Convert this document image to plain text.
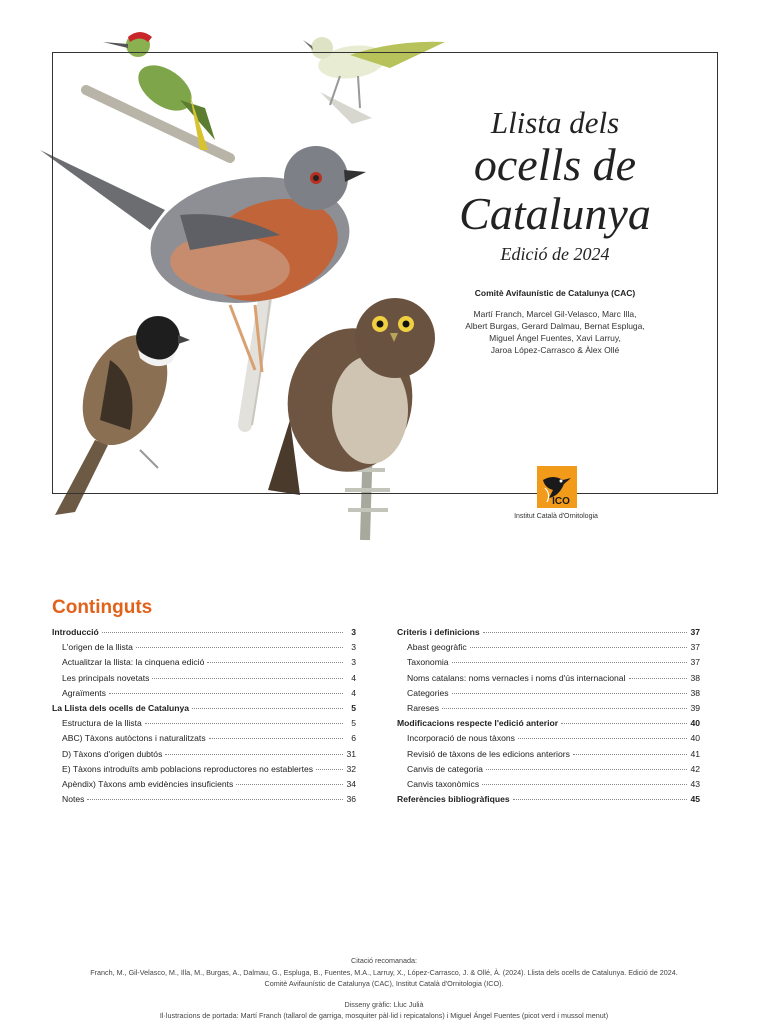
Llista dels
ocells de
Catalunya
Edició de 2024
Comitè Avifaunístic de Catalunya (CAC)
Martí Franch, Marcel Gil-Velasco, Marc Illa,
Albert Burgas, Gerard Dalmau, Bernat Espluga,
Miguel Ángel Fuentes, Xavi Larruy,
Jaroa López-Carrasco & Àlex Ollé
ICO
Institut Català d'Ornitologia
Continguts
Introducció	3
L'origen de la llista	3
Actualitzar la llista: la cinquena edició	3
Les principals novetats	4
Agraïments	4
La Llista dels ocells de Catalunya	5
Estructura de la llista	5
ABC) Tàxons autòctons i naturalitzats	6
D) Tàxons d'origen dubtós	31
E) Tàxons introduïts amb poblacions reproductores no establertes	32
Apèndix) Tàxons amb evidències insuficients	34
Notes	36
Criteris i definicions	37
Abast geogràfic	37
Taxonomia	37
Noms catalans: noms vernacles i noms d'ús internacional	38
Categories	38
Rareses	39
Modificacions respecte l'edició anterior	40
Incorporació de nous tàxons	40
Revisió de tàxons de les edicions anteriors	41
Canvis de categoria	42
Canvis taxonòmics	43
Referències bibliogràfiques	45
Citació recomanada:
Franch, M., Gil-Velasco, M., Illa, M., Burgas, A., Dalmau, G., Espluga, B., Fuentes, M.A., Larruy, X., López-Carrasco, J. & Ollé, À. (2024). Llista dels ocells de Catalunya. Edició de 2024.
Comitè Avifaunístic de Catalunya (CAC), Institut Català d'Ornitologia (ICO).
Disseny gràfic: Lluc Julià
Il·lustracions de portada: Martí Franch (tallarol de garriga, mosquiter pàl·lid i repicatalons) i Miguel Ángel Fuentes (picot verd i mussol menut)
